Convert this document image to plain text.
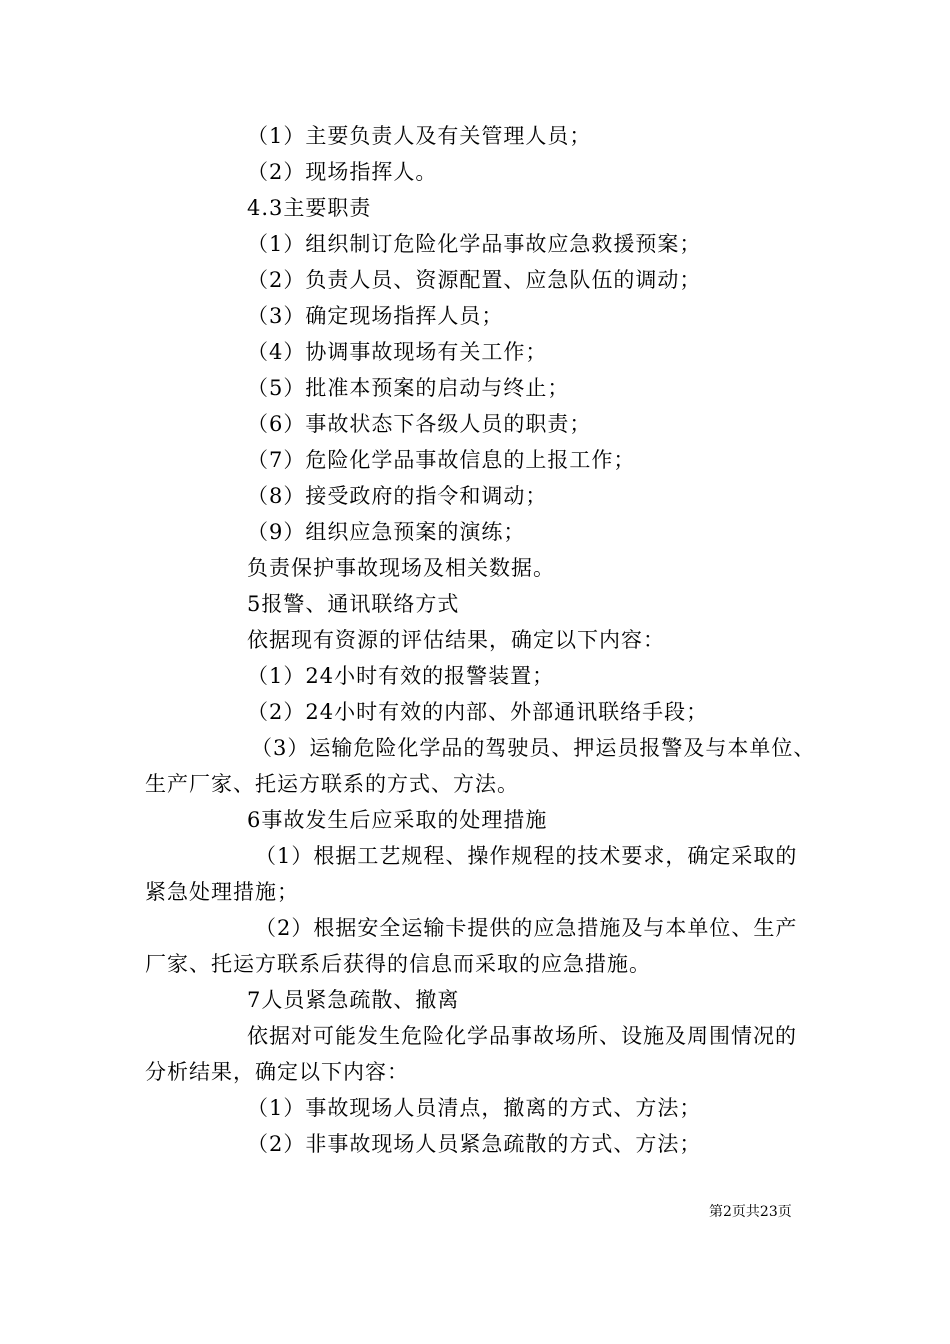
（1）主要负责人及有关管理人员；
（2）现场指挥人。
4.3主要职责
（1）组织制订危险化学品事故应急救援预案；
（2）负责人员、资源配置、应急队伍的调动；
（3）确定现场指挥人员；
（4）协调事故现场有关工作；
（5）批准本预案的启动与终止；
（6）事故状态下各级人员的职责；
（7）危险化学品事故信息的上报工作；
（8）接受政府的指令和调动；
（9）组织应急预案的演练；
负责保护事故现场及相关数据。
5报警、通讯联络方式
依据现有资源的评估结果，确定以下内容：
（1）24小时有效的报警装置；
（2）24小时有效的内部、外部通讯联络手段；
（3）运输危险化学品的驾驶员、押运员报警及与本单位、
生产厂家、托运方联系的方式、方法。
6事故发生后应采取的处理措施
（1）根据工艺规程、操作规程的技术要求，确定采取的
紧急处理措施；
（2）根据安全运输卡提供的应急措施及与本单位、生产
厂家、托运方联系后获得的信息而采取的应急措施。
7人员紧急疏散、撤离
依据对可能发生危险化学品事故场所、设施及周围情况的
分析结果，确定以下内容：
（1）事故现场人员清点，撤离的方式、方法；
（2）非事故现场人员紧急疏散的方式、方法；
第2页共23页
